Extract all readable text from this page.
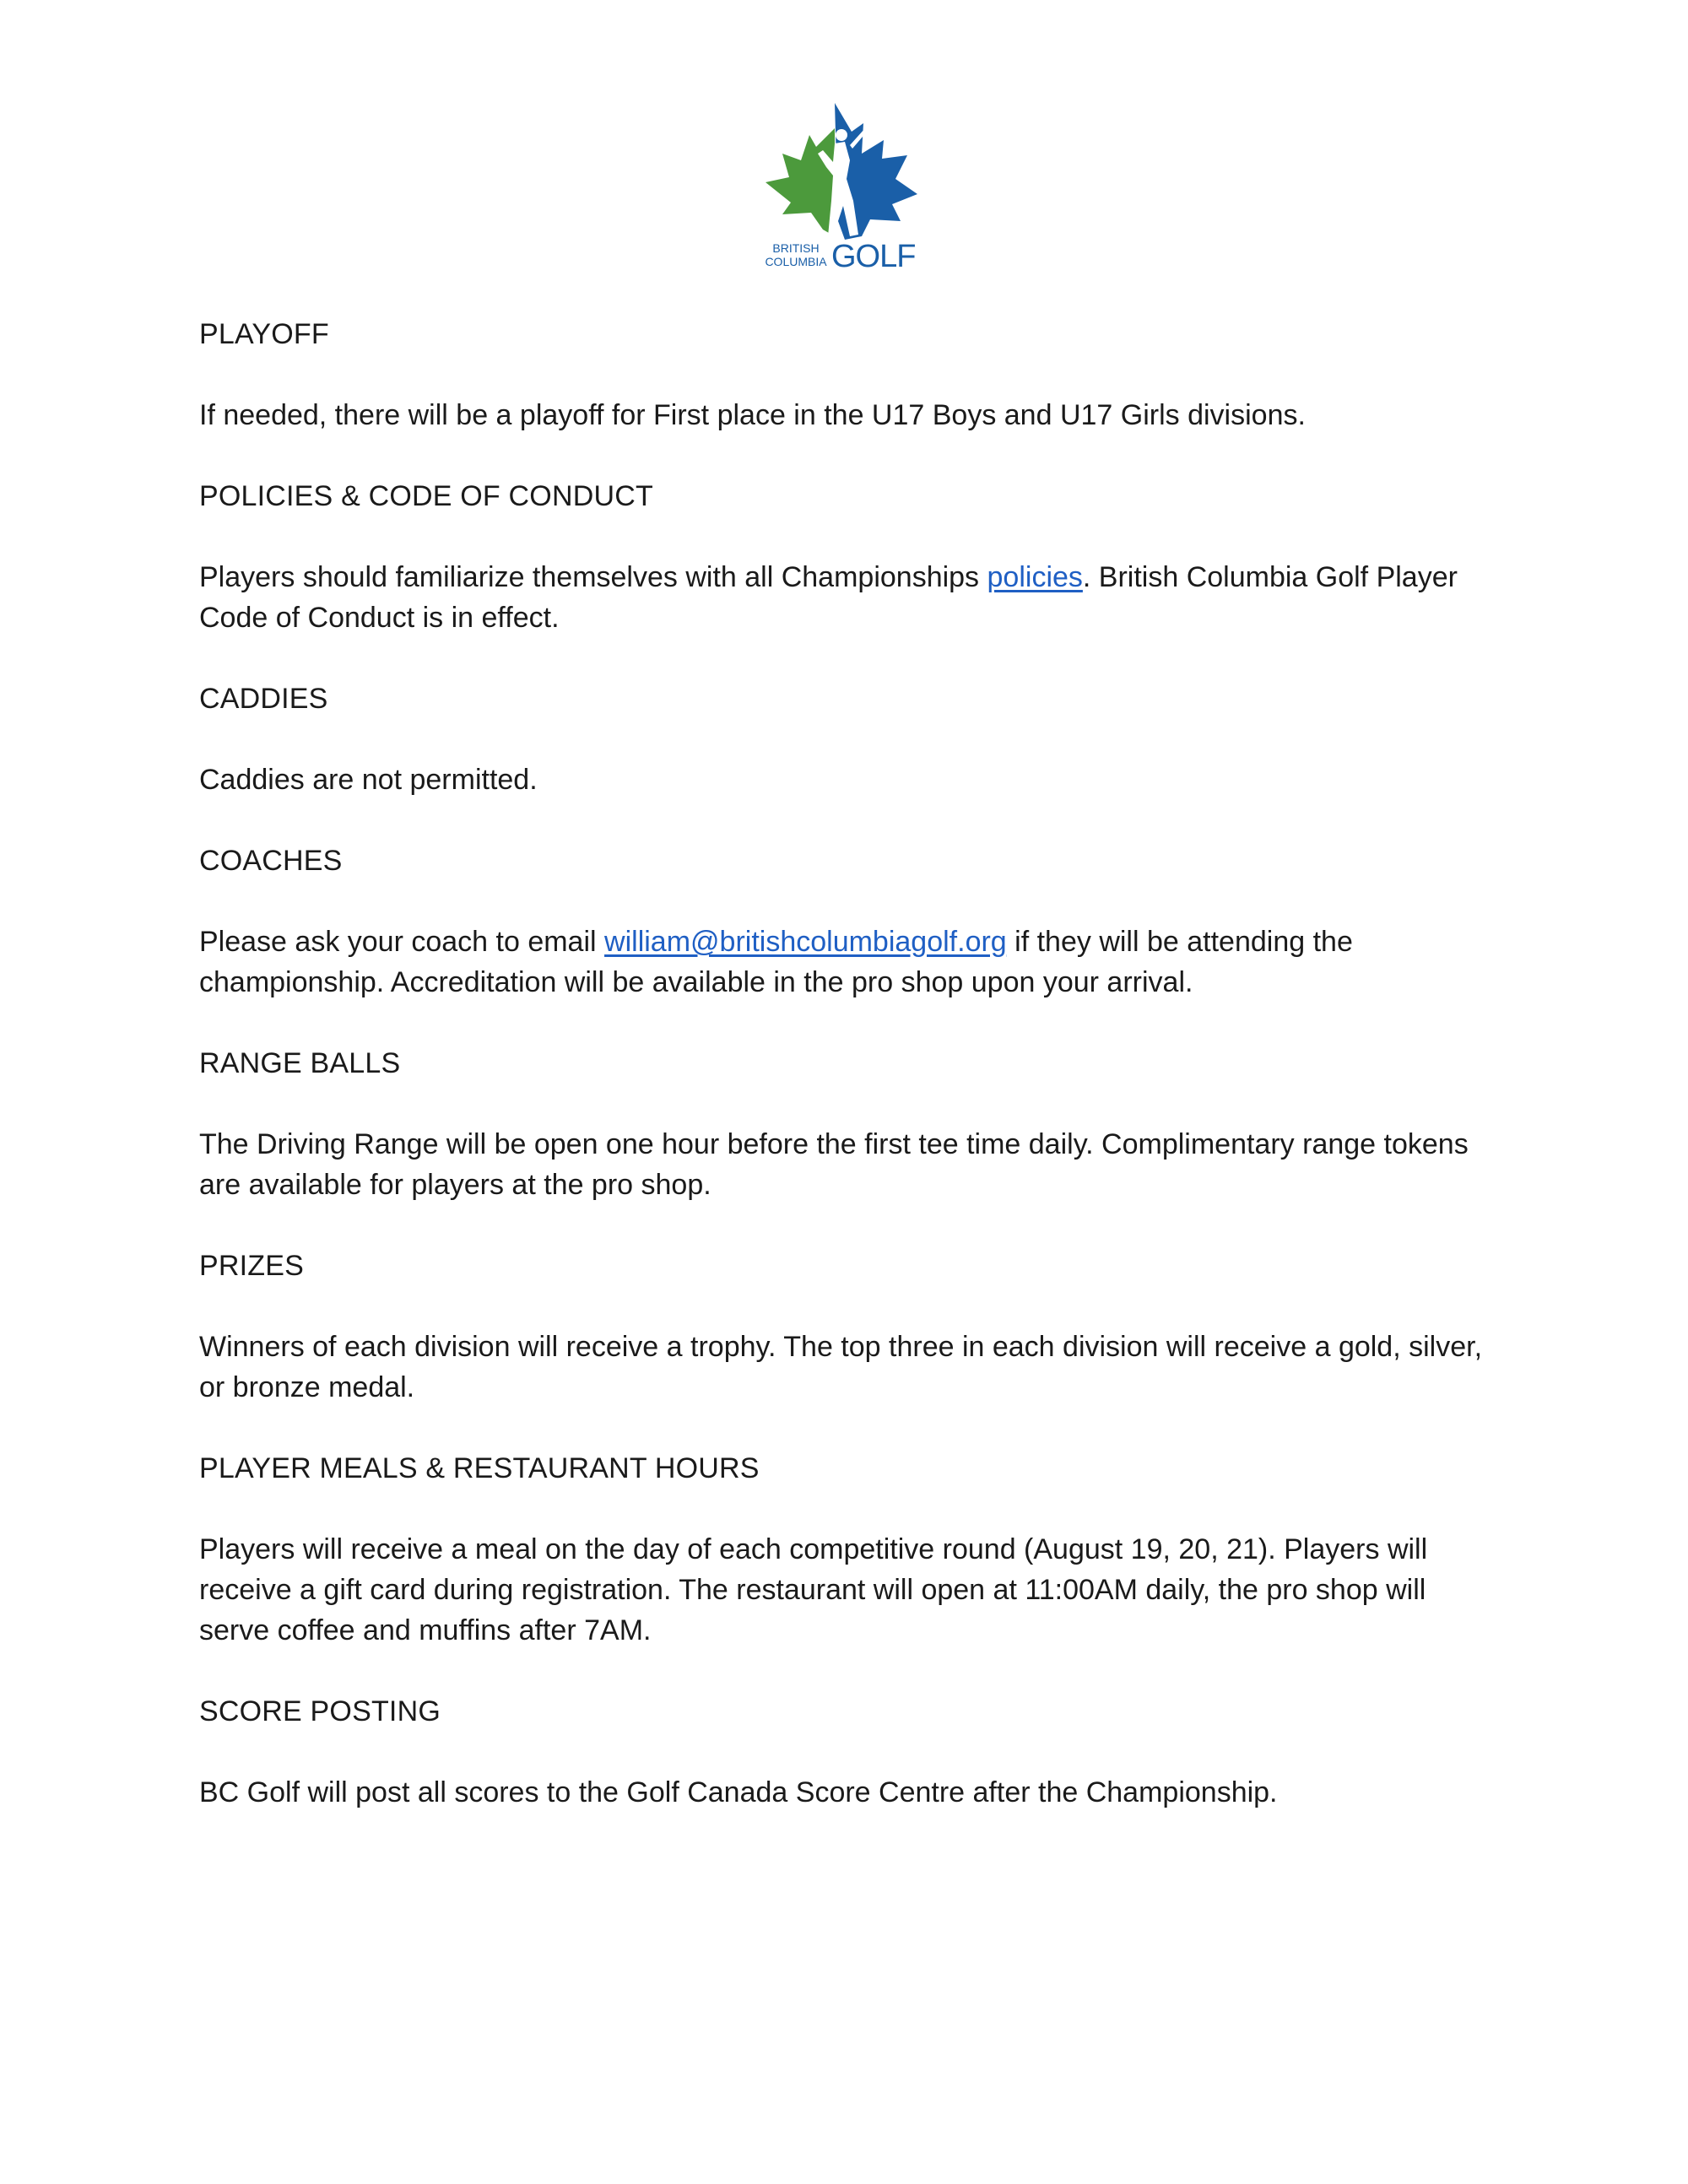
BRITISH
COLUMBIA GOLF

PLAYOFF

If needed, there will be a playoff for First place in the U17 Boys and U17 Girls divisions.

POLICIES & CODE OF CONDUCT

Players should familiarize themselves with all Championships policies. British Columbia Golf Player Code of Conduct is in effect.

CADDIES

Caddies are not permitted.

COACHES

Please ask your coach to email william@britishcolumbiagolf.org if they will be attending the championship. Accreditation will be available in the pro shop upon your arrival.

RANGE BALLS

The Driving Range will be open one hour before the first tee time daily. Complimentary range tokens are available for players at the pro shop.

PRIZES

Winners of each division will receive a trophy. The top three in each division will receive a gold, silver, or bronze medal.

PLAYER MEALS & RESTAURANT HOURS

Players will receive a meal on the day of each competitive round (August 19, 20, 21). Players will receive a gift card during registration. The restaurant will open at 11:00AM daily, the pro shop will serve coffee and muffins after 7AM.

SCORE POSTING

BC Golf will post all scores to the Golf Canada Score Centre after the Championship.
